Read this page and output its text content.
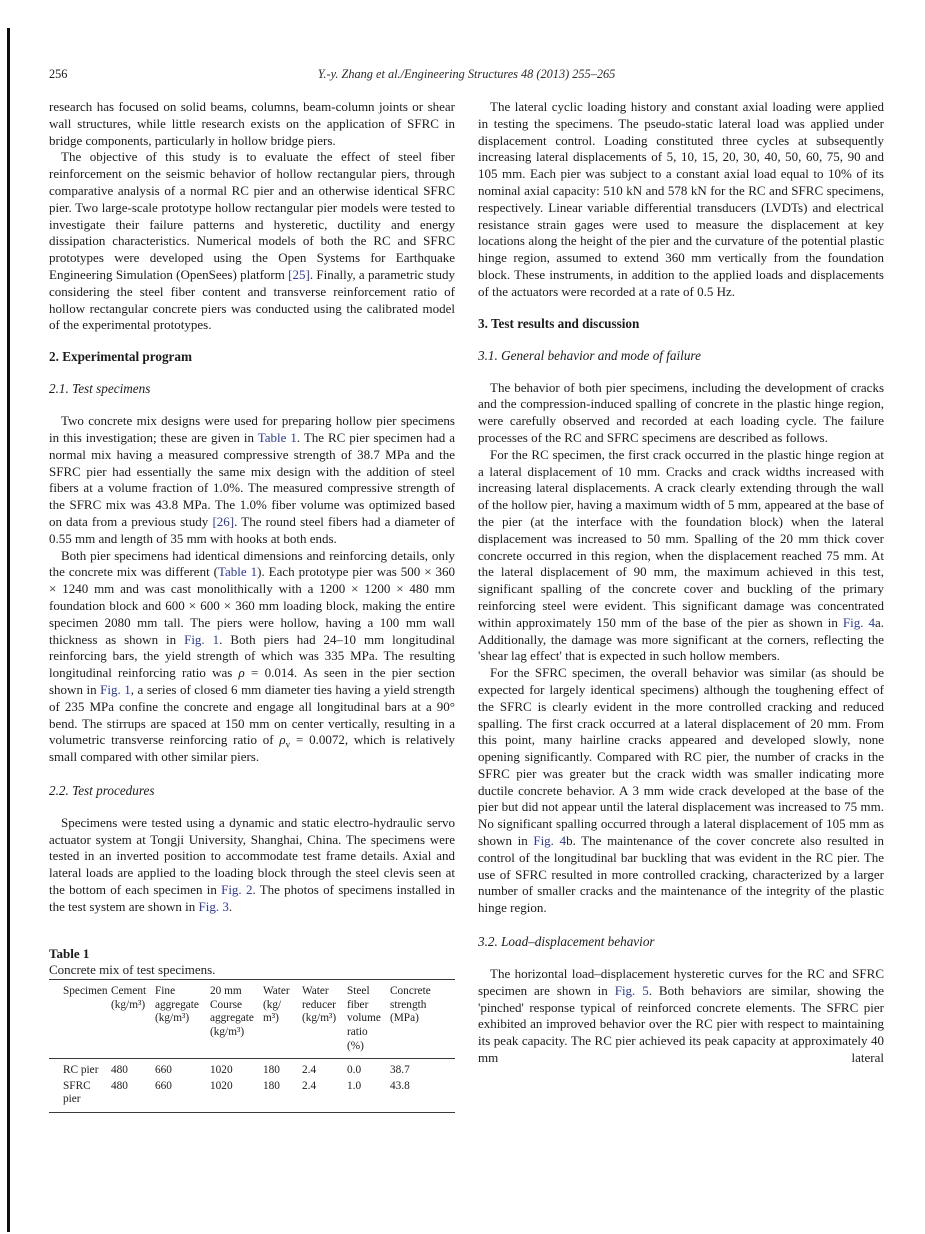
256	Y.-y. Zhang et al./Engineering Structures 48 (2013) 255–265

research has focused on solid beams, columns, beam-column joints or shear wall structures, while little research exists on the application of SFRC in bridge components, particularly in hollow bridge piers.

The objective of this study is to evaluate the effect of steel fiber reinforcement on the seismic behavior of hollow rectangular piers, through comparative analysis of a normal RC pier and an otherwise identical SFRC pier. Two large-scale prototype hollow rectangular pier models were tested to investigate their failure patterns and hysteretic, ductility and energy dissipation characteristics. Numerical models of both the RC and SFRC prototypes were developed using the Open Systems for Earthquake Engineering Simulation (OpenSees) platform [25]. Finally, a parametric study considering the steel fiber content and transverse reinforcement ratio of hollow rectangular concrete piers was conducted using the calibrated model of the experimental prototypes.

2. Experimental program
2.1. Test specimens

Two concrete mix designs were used for preparing hollow pier specimens in this investigation; these are given in Table 1. The RC pier specimen had a normal mix having a measured compressive strength of 38.7 MPa and the SFRC pier had essentially the same mix design with the addition of steel fibers at a volume fraction of 1.0%. The measured compressive strength of the SFRC mix was 43.8 MPa. The 1.0% fiber volume was optimized based on data from a previous study [26]. The round steel fibers had a diameter of 0.55 mm and length of 35 mm with hooks at both ends.

Both pier specimens had identical dimensions and reinforcing details, only the concrete mix was different (Table 1). Each prototype pier was 500 × 360 × 1240 mm and was cast monolithically with a 1200 × 1200 × 480 mm foundation block and 600 × 600 × 360 mm loading block, making the entire specimen 2080 mm tall. The piers were hollow, having a 100 mm wall thickness as shown in Fig. 1. Both piers had 24–10 mm longitudinal reinforcing bars, the yield strength of which was 335 MPa. The resulting longitudinal reinforcing ratio was ρ = 0.014. As seen in the pier section shown in Fig. 1, a series of closed 6 mm diameter ties having a yield strength of 235 MPa confine the concrete and engage all longitudinal bars at a 90° bend. The stirrups are spaced at 150 mm on center vertically, resulting in a volumetric transverse reinforcing ratio of $\rho_v = 0.0072$, which is relatively small compared with other similar piers.

2.2. Test procedures

Specimens were tested using a dynamic and static electro-hydraulic servo actuator system at Tongji University, Shanghai, China. The specimens were tested in an inverted position to accommodate test frame details. Axial and lateral loads are applied to the loading block through the steel clevis seen at the bottom of each specimen in Fig. 2. The photos of specimens installed in the test system are shown in Fig. 3.

Table 1

Concrete mix of test specimens.

Specimen	Cement (kg/m³)	Fine aggregate (kg/m³)	20 mm Course aggregate (kg/m³)	Water (kg/ m³)	Water reducer (kg/m³)	Steel fiber volume ratio (%)	Concrete strength (MPa)
RC pier	480	660	1020	180	2.4	0.0	38.7
SFRC pier	480	660	1020	180	2.4	1.0	43.8

The lateral cyclic loading history and constant axial loading were applied in testing the specimens. The pseudo-static lateral load was applied under displacement control. Loading constituted three cycles at subsequently increasing lateral displacements of 5, 10, 15, 20, 30, 40, 50, 60, 75, 90 and 105 mm. Each pier was subject to a constant axial load equal to 10% of its nominal axial capacity: 510 kN and 578 kN for the RC and SFRC specimens, respectively. Linear variable differential transducers (LVDTs) and electrical resistance strain gages were used to measure the displacement at key locations along the height of the pier and the curvature of the potential plastic hinge region, assumed to extend 360 mm vertically from the foundation block. These instruments, in addition to the applied loads and displacements of the actuators were recorded at a rate of 0.5 Hz.

3. Test results and discussion
3.1. General behavior and mode of failure

The behavior of both pier specimens, including the development of cracks and the compression-induced spalling of concrete in the plastic hinge region, were carefully observed and recorded at each loading cycle. The failure processes of the RC and SFRC specimens are described as follows.

For the RC specimen, the first crack occurred in the plastic hinge region at a lateral displacement of 10 mm. Cracks and crack widths increased with increasing lateral displacements. A crack clearly extending through the wall of the hollow pier, having a maximum width of 5 mm, appeared at the base of the pier (at the interface with the foundation block) when the lateral displacement was increased to 50 mm. Spalling of the 20 mm thick cover concrete occurred in this region, when the displacement reached 75 mm. At the lateral displacement of 90 mm, the maximum achieved in this test, significant spalling of the concrete cover and buckling of the primary reinforcing steel were evident. This significant damage was concentrated within approximately 150 mm of the base of the pier as shown in Fig. 4a. Additionally, the damage was more significant at the corners, reflecting the 'shear lag effect' that is expected in such hollow members.

For the SFRC specimen, the overall behavior was similar (as should be expected for largely identical specimens) although the toughening effect of the SFRC is clearly evident in the more controlled cracking and reduced spalling. The first crack occurred at a lateral displacement of 20 mm. From this point, many hairline cracks appeared and developed slowly, none opening significantly. Compared with RC pier, the number of cracks in the SFRC pier was greater but the crack width was smaller indicating more ductile concrete behavior. A 3 mm wide crack developed at the base of the pier but did not appear until the lateral displacement was increased to 75 mm. No significant spalling occurred through a lateral displacement of 105 mm as shown in Fig. 4b. The maintenance of the cover concrete also resulted in control of the longitudinal bar buckling that was evident in the RC pier. The use of SFRC resulted in more controlled cracking, characterized by a larger number of smaller cracks and the maintenance of the integrity of the plastic hinge region.

3.2. Load–displacement behavior

The horizontal load–displacement hysteretic curves for the RC and SFRC specimen are shown in Fig. 5. Both behaviors are similar, showing the 'pinched' response typical of reinforced concrete elements. The SFRC pier exhibited an improved behavior over the RC pier with respect to maintaining its peak capacity. The RC pier achieved its peak capacity at approximately 40 mm lateral
